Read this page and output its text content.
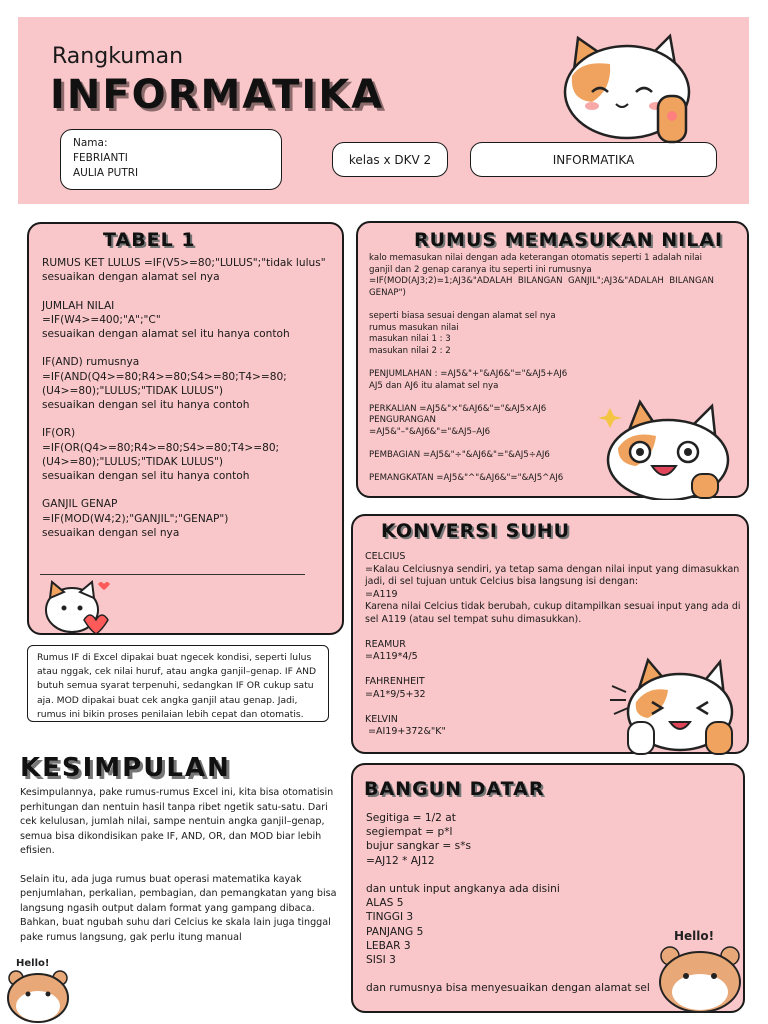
Rangkuman
INFORMATIKA
Nama:
FEBRIANTI
AULIA PUTRI
kelas x DKV 2	INFORMATIKA
TABEL 1
RUMUS KET LULUS =IF(V5>=80;"LULUS";"tidak lulus"
sesuaikan dengan alamat sel nya
JUMLAH NILAI
=IF(W4>=400;"A";"C"
sesuaikan dengan alamat sel itu hanya contoh
IF(AND) rumusnya
=IF(AND(Q4>=80;R4>=80;S4>=80;T4>=80;
(U4>=80);"LULUS;"TIDAK LULUS")
sesuaikan dengan sel itu hanya contoh
IF(OR)
=IF(OR(Q4>=80;R4>=80;S4>=80;T4>=80;
(U4>=80);"LULUS;"TIDAK LULUS")
sesuaikan dengan sel itu hanya contoh
GANJIL GENAP
=IF(MOD(W4;2);"GANJIL";"GENAP")
sesuaikan dengan sel nya

Rumus IF di Excel dipakai buat ngecek kondisi, seperti lulus atau nggak, cek nilai huruf, atau angka ganjil–genap. IF AND butuh semua syarat terpenuhi, sedangkan IF OR cukup satu aja. MOD dipakai buat cek angka ganjil atau genap. Jadi, rumus ini bikin proses penilaian lebih cepat dan otomatis.

RUMUS MEMASUKAN NILAI
kalo memasukan nilai dengan ada keterangan otomatis seperti 1 adalah nilai
ganjil dan 2 genap caranya itu seperti ini rumusnya
=IF(MOD(AJ3;2)=1;AJ3&"ADALAH  BILANGAN  GANJIL";AJ3&"ADALAH  BILANGAN
GENAP")
seperti biasa sesuai dengan alamat sel nya
rumus masukan nilai
masukan nilai 1 : 3
masukan nilai 2 : 2
PENJUMLAHAN : =AJ5&"+"&AJ6&"="&AJ5+AJ6
AJ5 dan AJ6 itu alamat sel nya
PERKALIAN =AJ5&"×"&AJ6&"="&AJ5×AJ6
PENGURANGAN
=AJ5&"–"&AJ6&"="&AJ5–AJ6
PEMBAGIAN =AJ5&"÷"&AJ6&"="&AJ5÷AJ6
PEMANGKATAN =AJ5&"^"&AJ6&"="&AJ5^AJ6
KONVERSI SUHU
CELCIUS
=Kalau Celciusnya sendiri, ya tetap sama dengan nilai input yang dimasukkan
jadi, di sel tujuan untuk Celcius bisa langsung isi dengan:
=A119
Karena nilai Celcius tidak berubah, cukup ditampilkan sesuai input yang ada di
sel A119 (atau sel tempat suhu dimasukkan).
REAMUR
=A119*4/5
FAHRENHEIT
=A1*9/5+32
KELVIN
=AI19+372&"K"
KESIMPULAN

Kesimpulannya, pake rumus-rumus Excel ini, kita bisa otomatisin perhitungan dan nentuin hasil tanpa ribet ngetik satu-satu. Dari cek kelulusan, jumlah nilai, sampe nentuin angka ganjil–genap, semua bisa dikondisikan pake IF, AND, OR, dan MOD biar lebih efisien.

Selain itu, ada juga rumus buat operasi matematika kayak penjumlahan, perkalian, pembagian, dan pemangkatan yang bisa langsung ngasih output dalam format yang gampang dibaca. Bahkan, buat ngubah suhu dari Celcius ke skala lain juga tinggal pake rumus langsung, gak perlu itung manual

Hello!
BANGUN DATAR
Segitiga = 1/2 at
segiempat = p*l
bujur sangkar = s*s
=AJ12 * AJ12
dan untuk input angkanya ada disini
ALAS 5
TINGGI 3
PANJANG 5
LEBAR 3
SISI 3
dan rumusnya bisa menyesuaikan dengan alamat sel
Hello!
